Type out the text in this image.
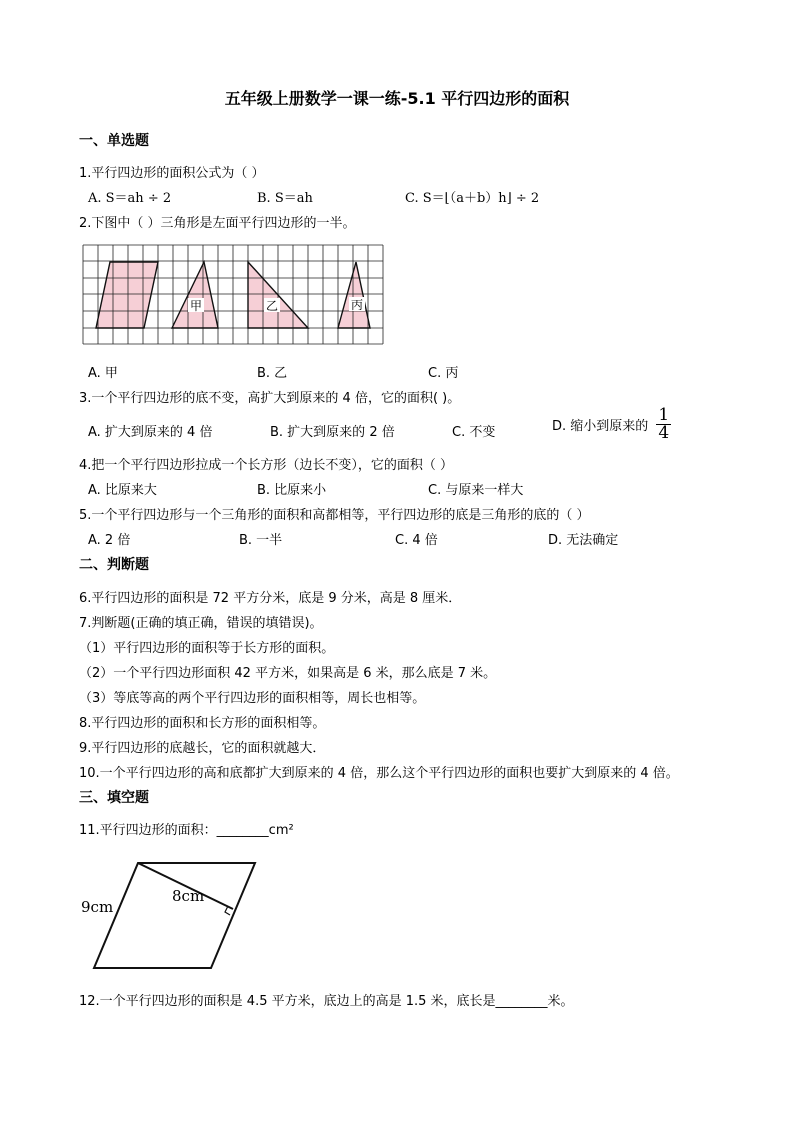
五年级上册数学一课一练-5.1 平行四边形的面积
一、单选题
1.平行四边形的面积公式为（ ）
A. S＝ah ÷ 2	B. S＝ah	C. S＝⌊（a＋b）h⌋ ÷ 2
2.下图中（ ）三角形是左面平行四边形的一半。
甲	乙	丙
A. 甲	B. 乙	C. 丙
3.一个平行四边形的底不变，高扩大到原来的 4 倍，它的面积( )。
A. 扩大到原来的 4 倍	B. 扩大到原来的 2 倍	C. 不变	D. 缩小到原来的 $\frac{1}{4}$
4.把一个平行四边形拉成一个长方形（边长不变），它的面积（ ）
A. 比原来大	B. 比原来小	C. 与原来一样大
5.一个平行四边形与一个三角形的面积和高都相等，平行四边形的底是三角形的底的（ ）
A. 2 倍	B. 一半	C. 4 倍	D. 无法确定
二、判断题
6.平行四边形的面积是 72 平方分米，底是 9 分米，高是 8 厘米．
7.判断题(正确的填正确，错误的填错误)。
（1）平行四边形的面积等于长方形的面积。
（2）一个平行四边形面积 42 平方米，如果高是 6 米，那么底是 7 米。
（3）等底等高的两个平行四边形的面积相等，周长也相等。
8.平行四边形的面积和长方形的面积相等。
9.平行四边形的底越长，它的面积就越大．
10.一个平行四边形的高和底都扩大到原来的 4 倍，那么这个平行四边形的面积也要扩大到原来的 4 倍。
三、填空题
11.平行四边形的面积：________cm²
9cm
8cm
12.一个平行四边形的面积是 4.5 平方米，底边上的高是 1.5 米，底长是________米。
